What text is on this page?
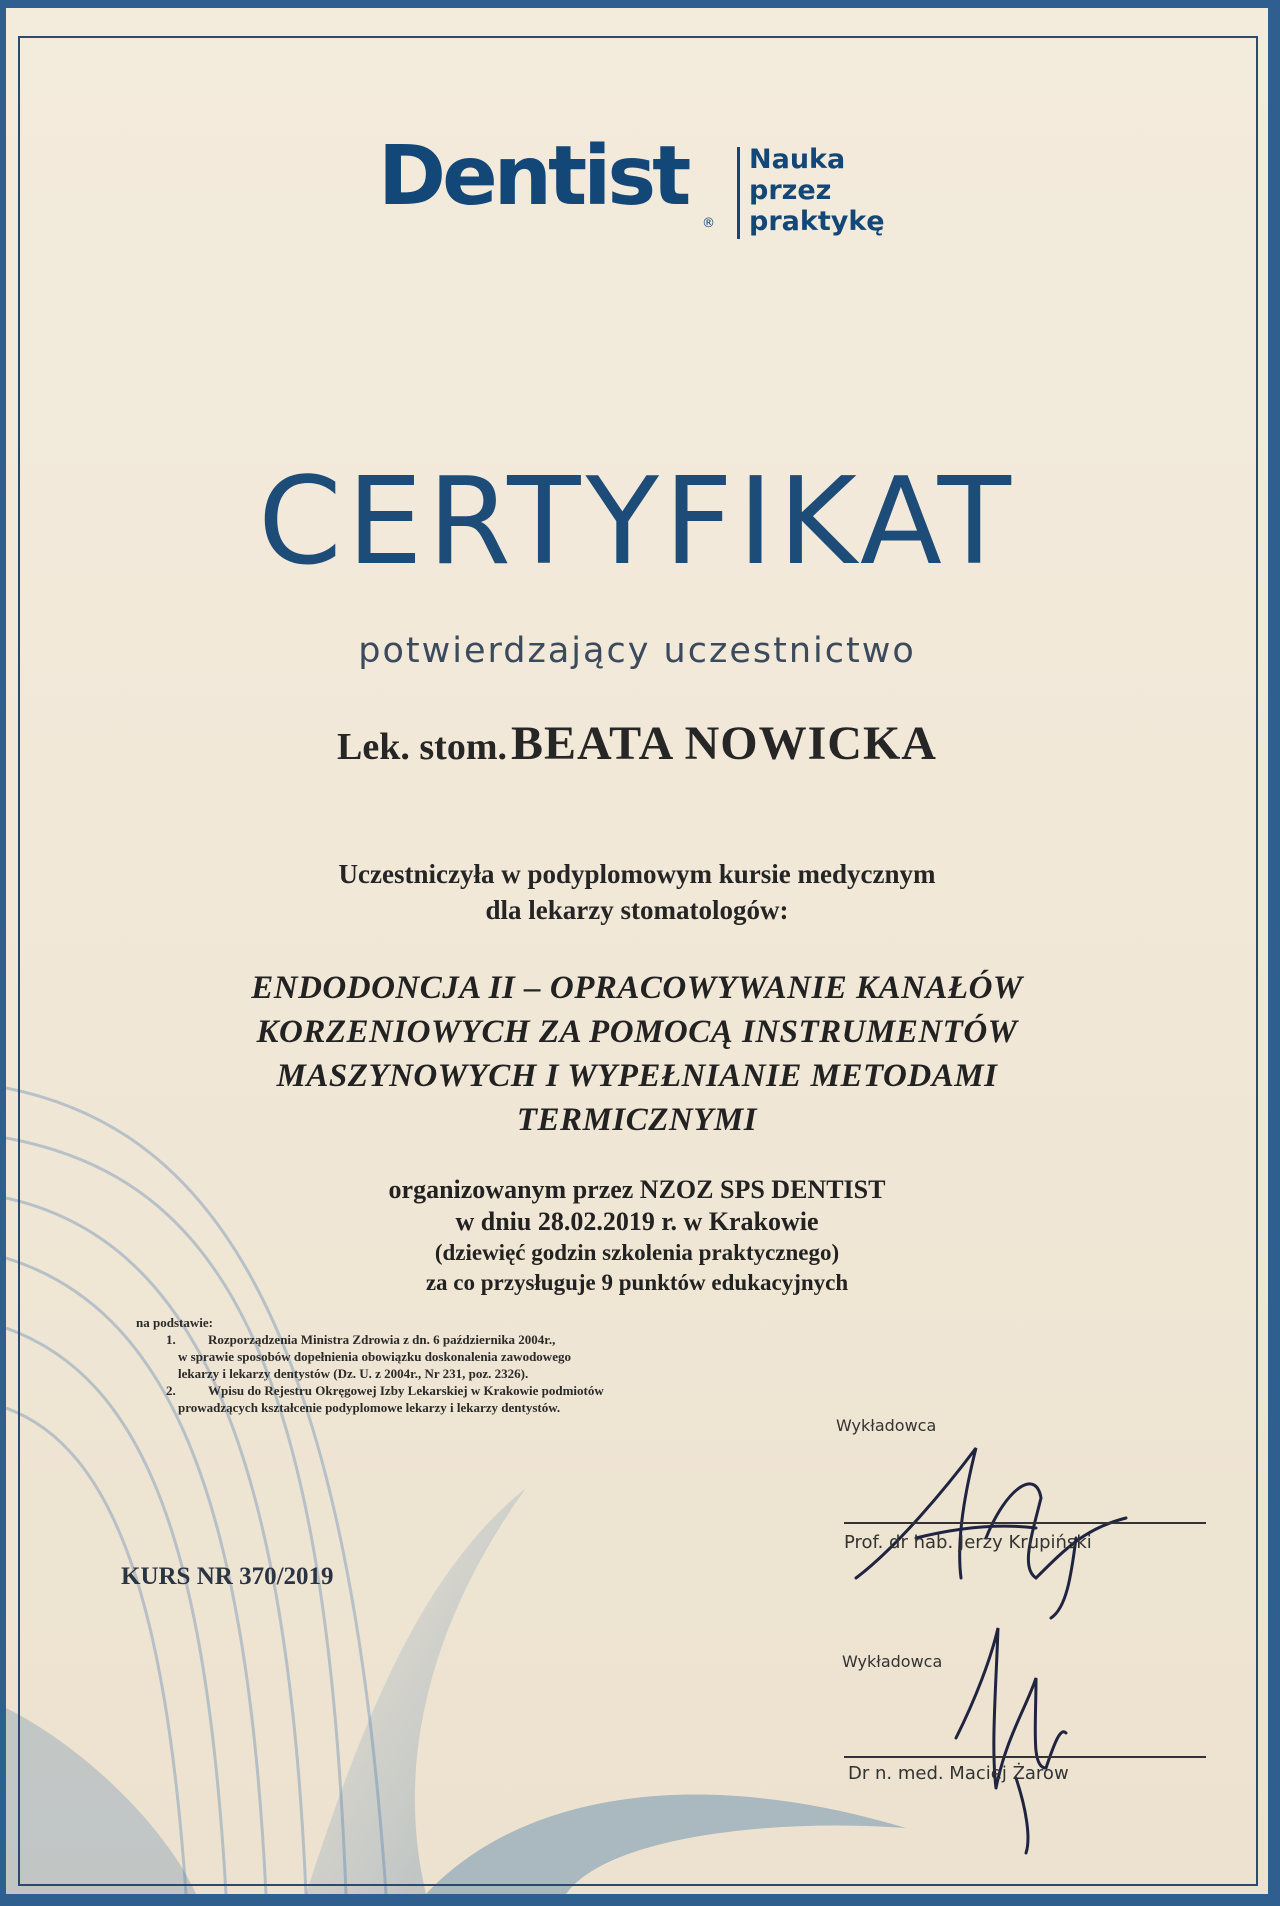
Dentist ®
Nauka
przez
praktykę
CERTYFIKAT
potwierdzający uczestnictwo
Lek. stom. BEATA NOWICKA
Uczestniczyła w podyplomowym kursie medycznym
dla lekarzy stomatologów:
ENDODONCJA II – OPRACOWYWANIE KANAŁÓW
KORZENIOWYCH ZA POMOCĄ INSTRUMENTÓW
MASZYNOWYCH I WYPEŁNIANIE METODAMI
TERMICZNYMI
organizowanym przez NZOZ SPS DENTIST
w dniu 28.02.2019 r. w Krakowie
(dziewięć godzin szkolenia praktycznego)
za co przysługuje 9 punktów edukacyjnych
na podstawie:
1.	Rozporządzenia Ministra Zdrowia z dn. 6 października 2004r.,
w sprawie sposobów dopełnienia obowiązku doskonalenia zawodowego
lekarzy i lekarzy dentystów (Dz. U. z 2004r., Nr 231, poz. 2326).
2.	Wpisu do Rejestru Okręgowej Izby Lekarskiej w Krakowie podmiotów
prowadzących kształcenie podyplomowe lekarzy i lekarzy dentystów.
KURS NR 370/2019
Wykładowca
Prof. dr hab. Jerzy Krupiński
Wykładowca
Dr n. med. Maciej Żarow
